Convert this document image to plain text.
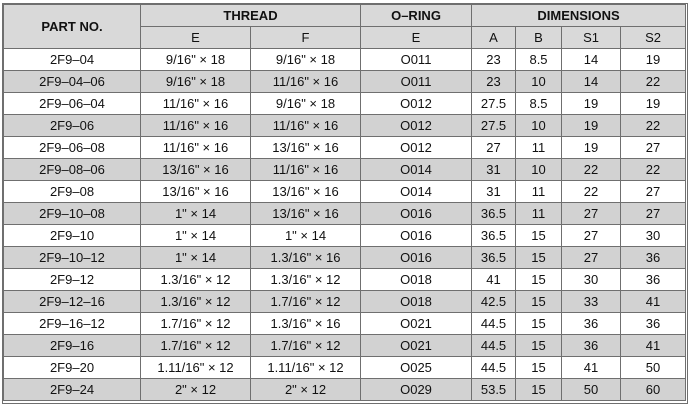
PART NO.	THREAD		O–RING	DIMENSIONS			
	E	F	E	A	B	S1	S2
2F9–04	9/16" × 18	9/16" × 18	O011	23	8.5	14	19
2F9–04–06	9/16" × 18	11/16" × 16	O011	23	10	14	22
2F9–06–04	11/16" × 16	9/16" × 18	O012	27.5	8.5	19	19
2F9–06	11/16" × 16	11/16" × 16	O012	27.5	10	19	22
2F9–06–08	11/16" × 16	13/16" × 16	O012	27	11	19	27
2F9–08–06	13/16" × 16	11/16" × 16	O014	31	10	22	22
2F9–08	13/16" × 16	13/16" × 16	O014	31	11	22	27
2F9–10–08	1" × 14	13/16" × 16	O016	36.5	11	27	27
2F9–10	1" × 14	1" × 14	O016	36.5	15	27	30
2F9–10–12	1" × 14	1.3/16" × 16	O016	36.5	15	27	36
2F9–12	1.3/16" × 12	1.3/16" × 12	O018	41	15	30	36
2F9–12–16	1.3/16" × 12	1.7/16" × 12	O018	42.5	15	33	41
2F9–16–12	1.7/16" × 12	1.3/16" × 16	O021	44.5	15	36	36
2F9–16	1.7/16" × 12	1.7/16" × 12	O021	44.5	15	36	41
2F9–20	1.11/16" × 12	1.11/16" × 12	O025	44.5	15	41	50
2F9–24	2" × 12	2" × 12	O029	53.5	15	50	60
